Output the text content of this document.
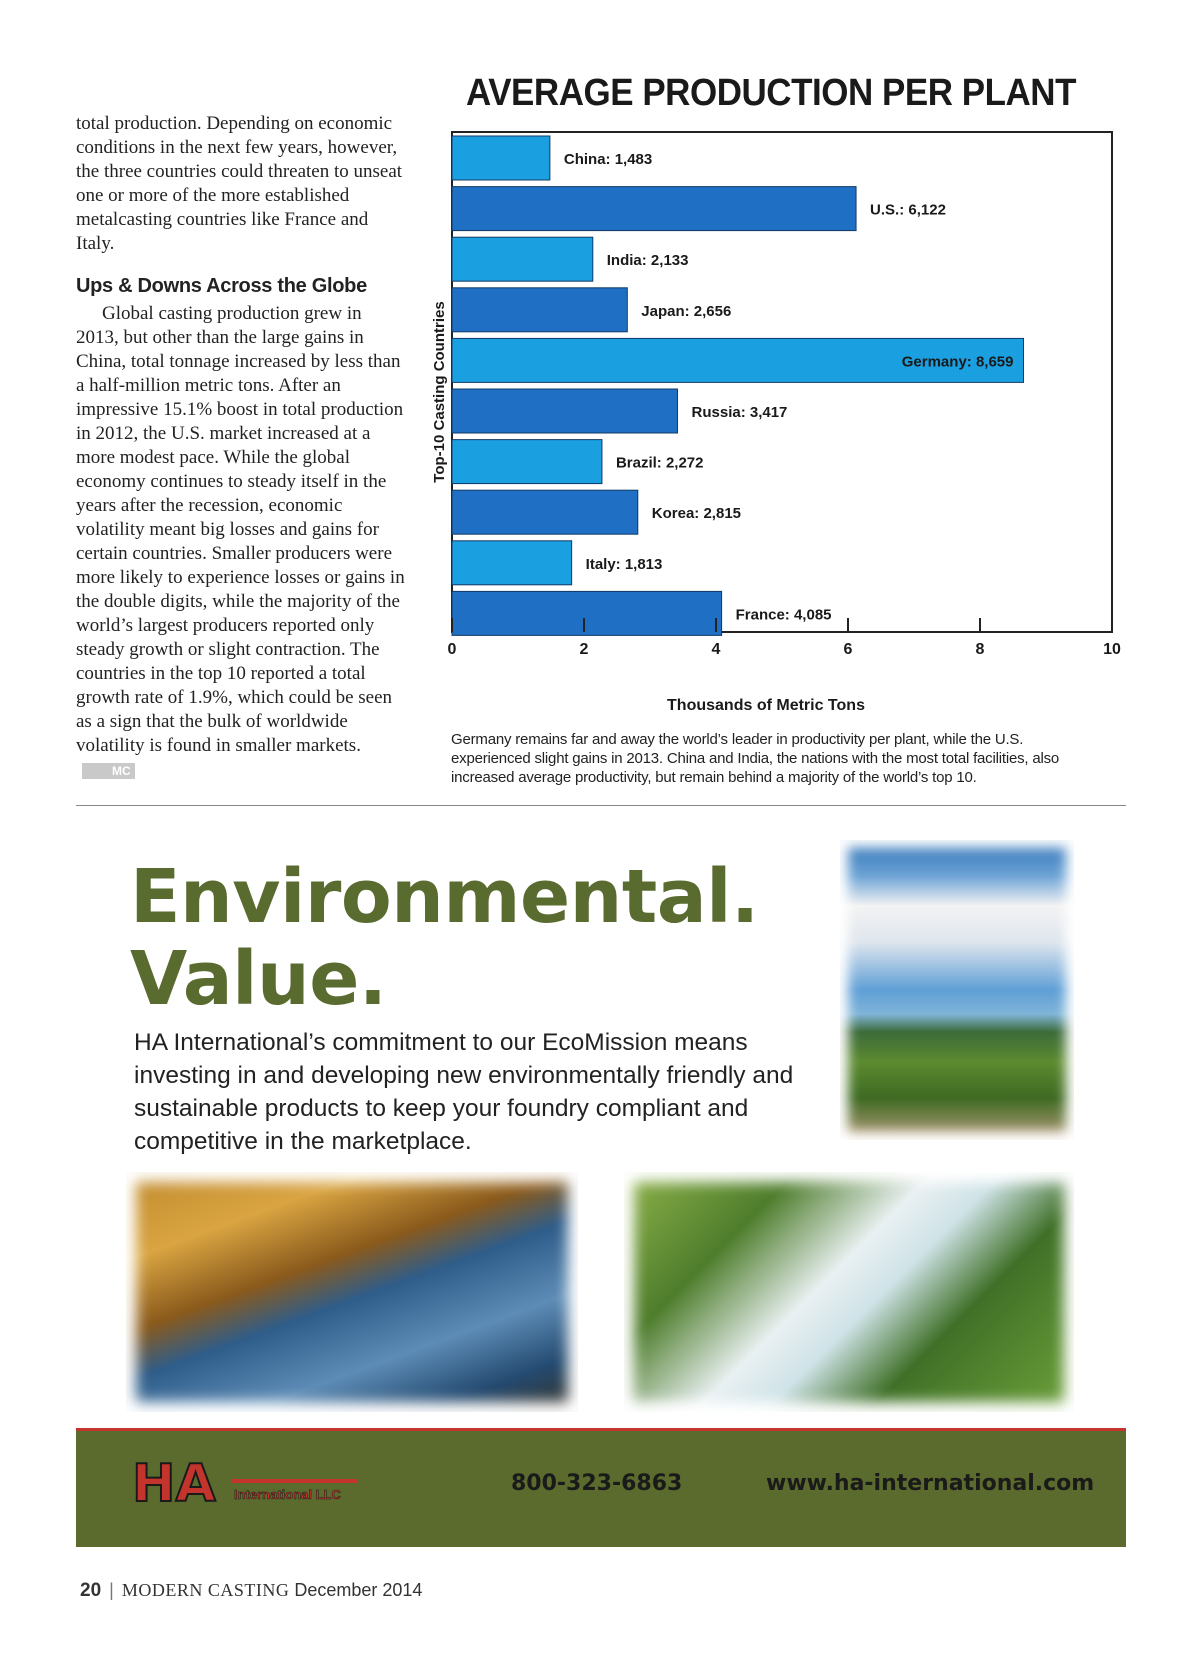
total production. Depending on economic conditions in the next few years, however, the three countries could threaten to unseat one or more of the more established metalcasting countries like France and Italy.

Ups & Downs Across the Globe

Global casting production grew in 2013, but other than the large gains in China, total tonnage increased by less than a half-million metric tons. After an impressive 15.1% boost in total production in 2012, the U.S. market increased at a more modest pace. While the global economy continues to steady itself in the years after the recession, economic volatility meant big losses and gains for certain countries. Smaller producers were more likely to experience losses or gains in the double digits, while the majority of the world’s largest producers reported only steady growth or slight contraction. The countries in the top 10 reported a total growth rate of 1.9%, which could be seen as a sign that the bulk of worldwide volatility is found in smaller markets.MC

AVERAGE PRODUCTION PER PLANT
China: 1,483
U.S.: 6,122
India: 2,133
Japan: 2,656
Germany: 8,659
Russia: 3,417
Brazil: 2,272
Korea: 2,815
Italy: 1,813
France: 4,085
0	2	4	6	8	10
Thousands of Metric Tons
Top-10 Casting Countries
Germany remains far and away the world’s leader in productivity per plant, while the U.S. experienced slight gains in 2013. China and India, the nations with the most total facilities, also increased average productivity, but remain behind a majority of the world’s top 10.
Environmental.
Value.
HA International’s commitment to our EcoMission means investing in and developing new environmentally friendly and sustainable products to keep your foundry compliant and competitive in the marketplace.
HA International LLC	800-323-6863	www.ha-international.com
20 | MODERN CASTING December 2014
